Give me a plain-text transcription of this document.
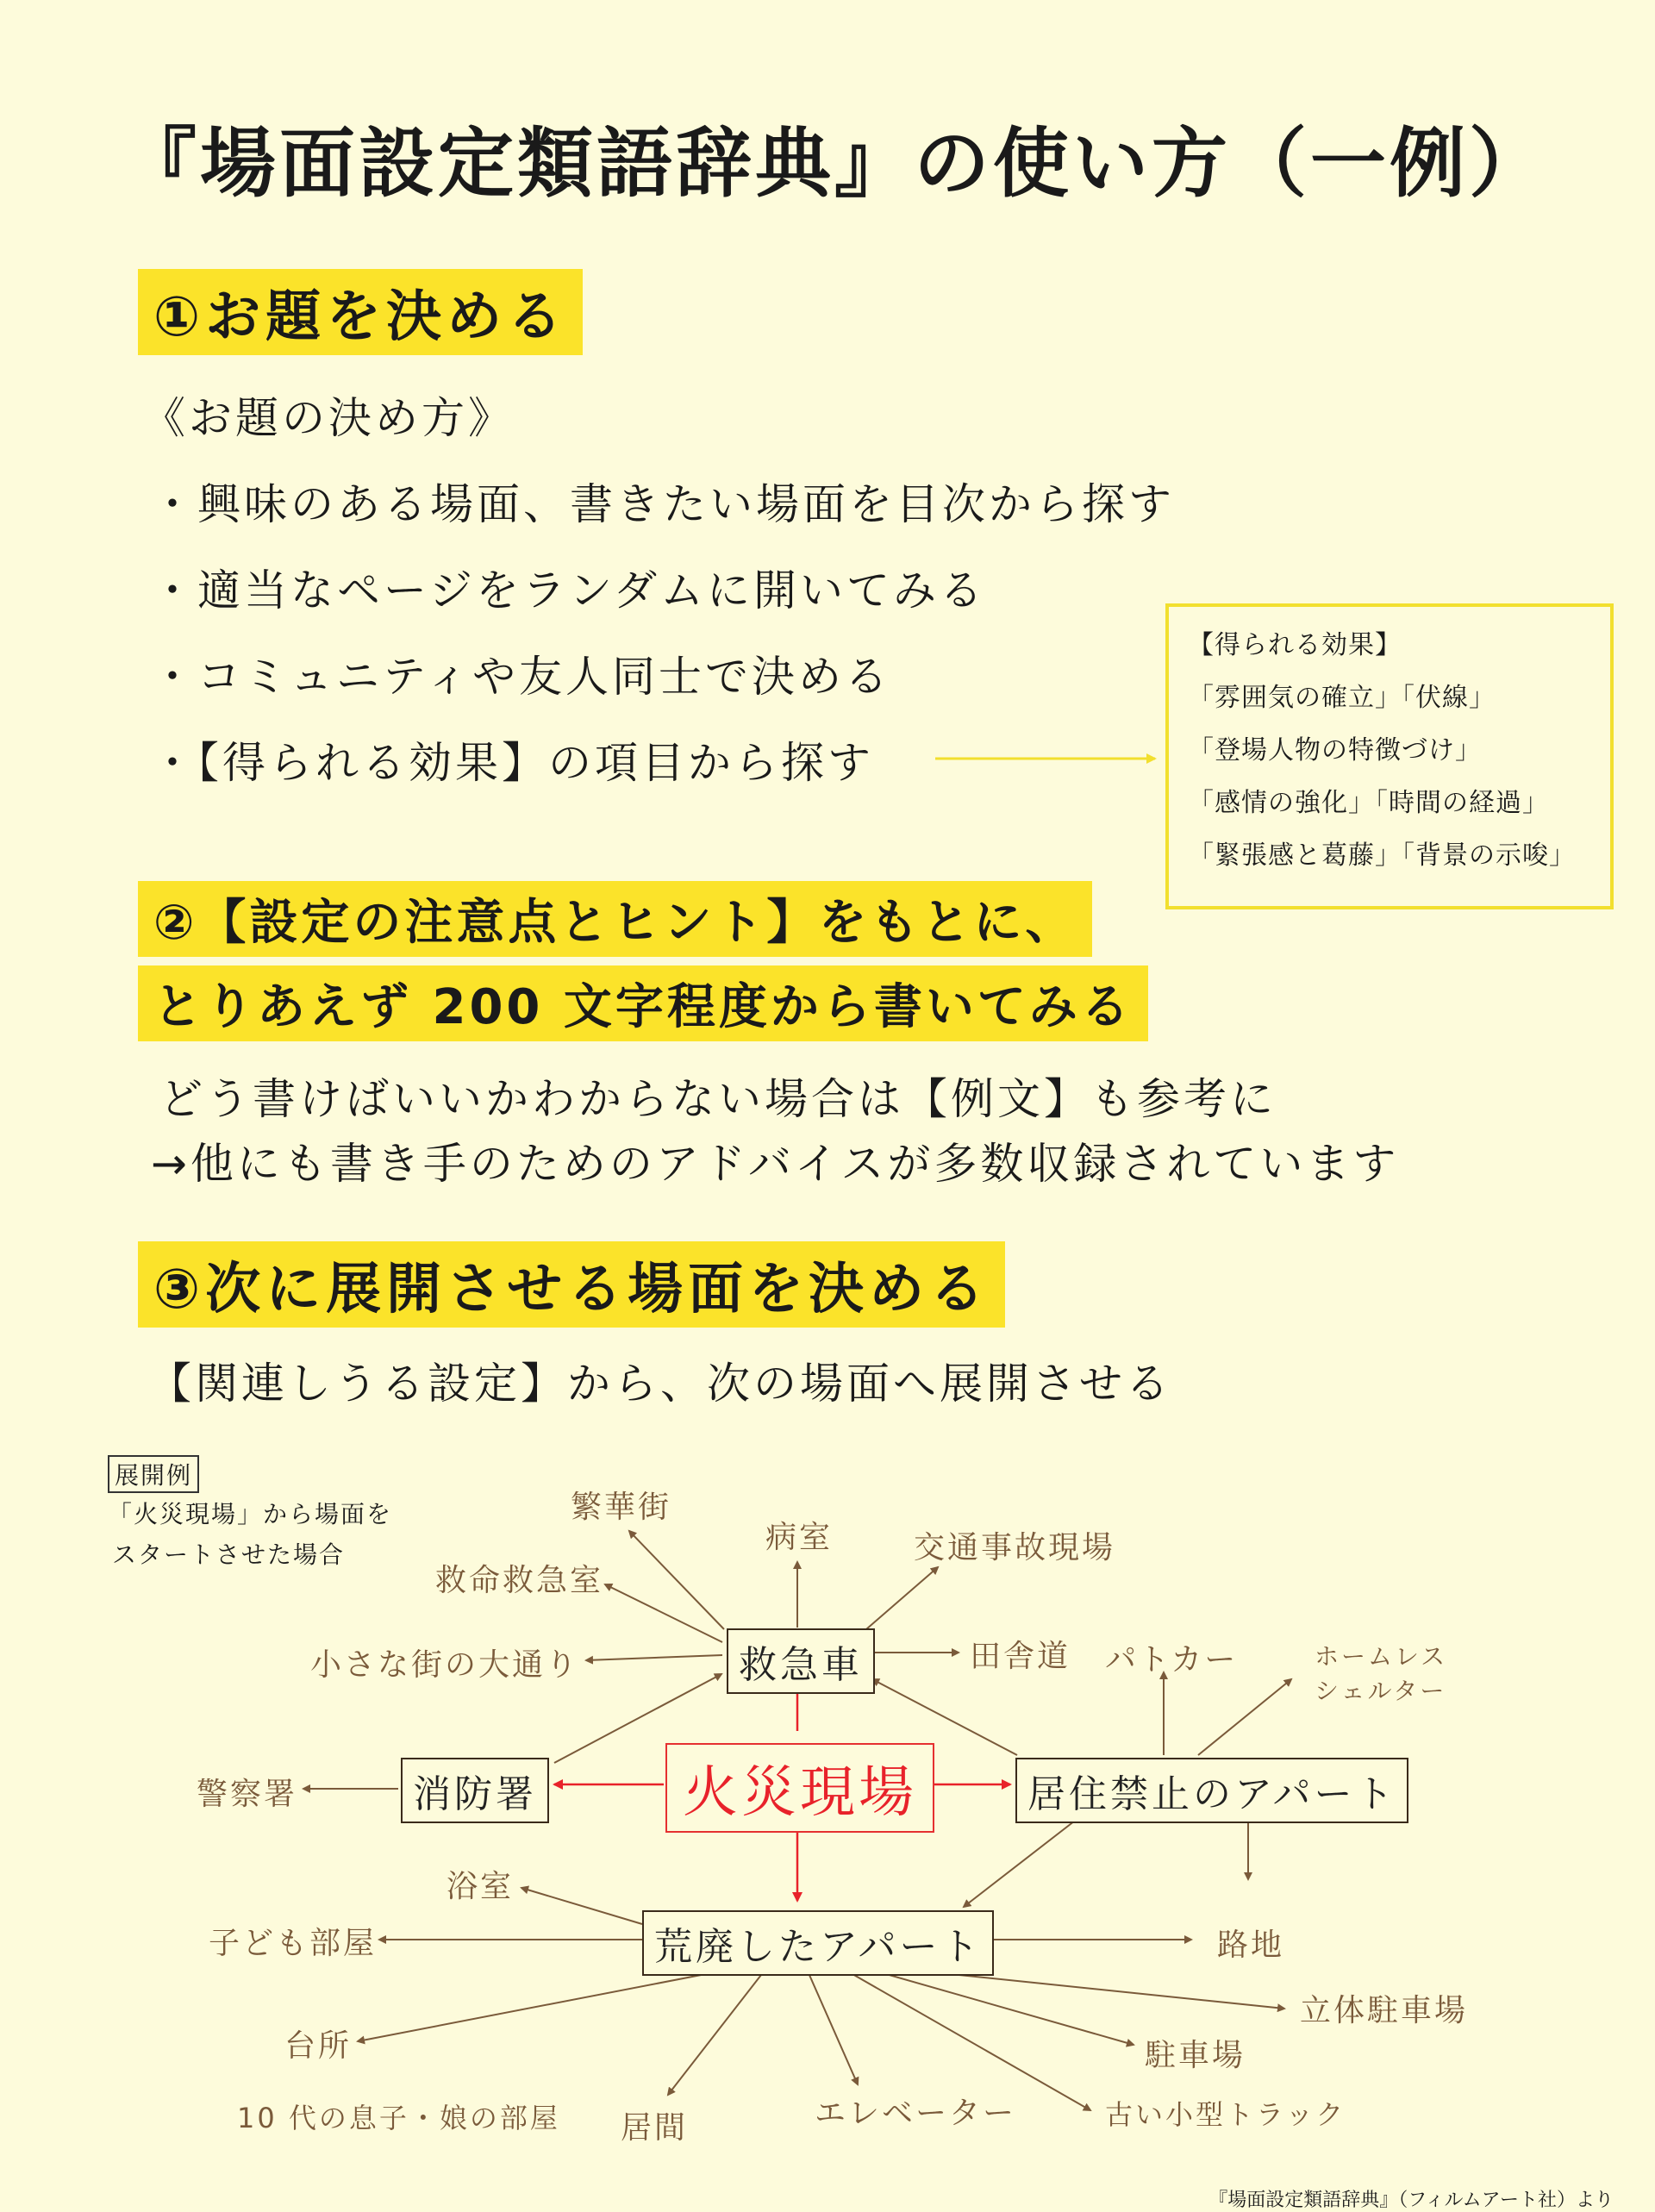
『場面設定類語辞典』の使い方（一例）
①お題を決める
《お題の決め方》
・興味のある場面、書きたい場面を目次から探す
・適当なページをランダムに開いてみる
・コミュニティや友人同士で決める
・【得られる効果】の項目から探す
【得られる効果】
「雰囲気の確立」「伏線」
「登場人物の特徴づけ」
「感情の強化」「時間の経過」
「緊張感と葛藤」「背景の示唆」
②【設定の注意点とヒント】をもとに、
とりあえず 200 文字程度から書いてみる
どう書けばいいかわからない場合は【例文】も参考に
→他にも書き手のためのアドバイスが多数収録されています
③次に展開させる場面を決める
【関連しうる設定】から、次の場面へ展開させる
展開例
「火災現場」から場面を
スタートさせた場合
救急車
消防署	居住禁止のアパート
荒廃したアパート
火災現場
繁華街
病室	交通事故現場
救命救急室
小さな街の大通り	田舎道 パトカー	ホームレス
シェルター
警察署
浴室
子ども部屋	路地
立体駐車場
台所	駐車場
10 代の息子・娘の部屋 居間	エレベーター	古い小型トラック
『場面設定類語辞典』（フィルムアート社）より
